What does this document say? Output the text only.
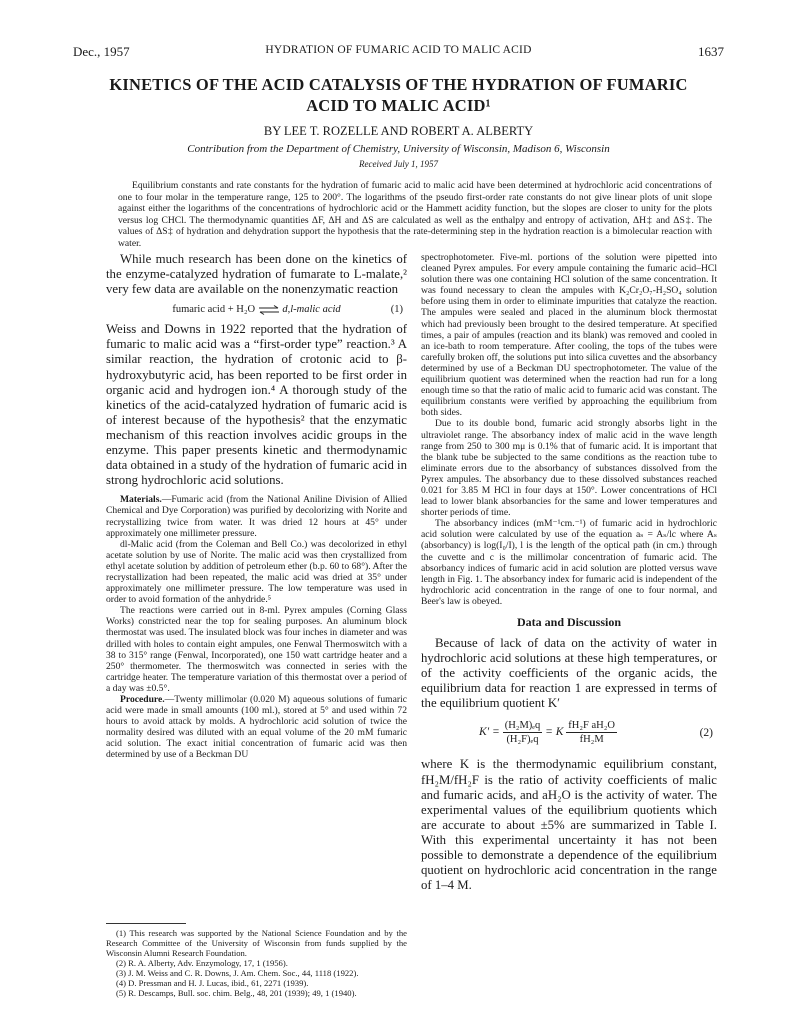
Dec., 1957	HYDRATION OF FUMARIC ACID TO MALIC ACID	1637
KINETICS OF THE ACID CATALYSIS OF THE HYDRATION OF FUMARIC
ACID TO MALIC ACID¹
BY LEE T. ROZELLE AND ROBERT A. ALBERTY
Contribution from the Department of Chemistry, University of Wisconsin, Madison 6, Wisconsin
Received July 1, 1957
Equilibrium constants and rate constants for the hydration of fumaric acid to malic acid have been determined at hydrochloric acid concentrations of one to four molar in the temperature range, 125 to 200°. The logarithms of the pseudo first-order rate constants do not give linear plots of unit slope against either the logarithms of the concentrations of hydrochloric acid or the Hammett acidity function, but the slopes are closer to unity for the plots versus log CHCl. The thermodynamic quantities ΔF, ΔH and ΔS are calculated as well as the enthalpy and entropy of activation, ΔH‡ and ΔS‡. The values of ΔS‡ of hydration and dehydration support the hypothesis that the rate-determining step in the hydration reaction is a bimolecular reaction with water.

While much research has been done on the kinetics of the enzyme-catalyzed hydration of fumarate to L-malate,² very few data are available on the nonenzymatic reaction

fumaric acid + H₂O ⇌ d,l-malic acid	(1)

Weiss and Downs in 1922 reported that the hydration of fumaric to malic acid was a “first-order type” reaction.³ A similar reaction, the hydration of crotonic acid to β-hydroxybutyric acid, has been reported to be first order in organic acid and hydrogen ion.⁴ A thorough study of the kinetics of the acid-catalyzed hydration of fumaric acid is of interest because of the hypothesis² that the enzymatic mechanism of this reaction involves acidic groups in the enzyme. This paper presents kinetic and thermodynamic data obtained in a study of the hydration of fumaric acid in strong hydrochloric acid solutions.

Materials.—Fumaric acid (from the National Aniline Division of Allied Chemical and Dye Corporation) was purified by decolorizing with Norite and recrystallizing twice from water. It was dried 12 hours at 45° under approximately one millimeter pressure.

dl-Malic acid (from the Coleman and Bell Co.) was decolorized in ethyl acetate solution by use of Norite. The malic acid was then crystallized from ethyl acetate solution by addition of petroleum ether (b.p. 60 to 68°). After the recrystallization had been repeated, the malic acid was dried at 35° under approximately one millimeter pressure. The low temperature was used in order to avoid formation of the anhydride.⁵

The reactions were carried out in 8-ml. Pyrex ampules (Corning Glass Works) constricted near the top for sealing purposes. An aluminum block thermostat was used. The insulated block was four inches in diameter and was drilled with holes to contain eight ampules, one Fenwal Thermoswitch with a 38 to 315° range (Fenwal, Incorporated), one 150 watt cartridge heater and a 250° thermometer. The thermoswitch was connected in series with the cartridge heater. The temperature variation of this thermostat over a period of a day was ±0.5°.

Procedure.—Twenty millimolar (0.020 M) aqueous solutions of fumaric acid were made in small amounts (100 ml.), stored at 5° and used within 72 hours to avoid attack by molds. A hydrochloric acid solution of twice the normality desired was diluted with an equal volume of the 20 mM fumaric acid solution. The exact initial concentration of fumaric acid was then determined by use of a Beckman DU

(1) This research was supported by the National Science Foundation and by the Research Committee of the University of Wisconsin from funds supplied by the Wisconsin Alumni Research Foundation.

(2) R. A. Alberty, Adv. Enzymology, 17, 1 (1956).

(3) J. M. Weiss and C. R. Downs, J. Am. Chem. Soc., 44, 1118 (1922).

(4) D. Pressman and H. J. Lucas, ibid., 61, 2271 (1939).

(5) R. Descamps, Bull. soc. chim. Belg., 48, 201 (1939); 49, 1 (1940).

spectrophotometer. Five-ml. portions of the solution were pipetted into cleaned Pyrex ampules. For every ampule containing the fumaric acid–HCl solution there was one containing HCl solution of the same concentration. It was found necessary to clean the ampules with K₂Cr₂O₇-H₂SO₄ solution before using them in order to eliminate impurities that catalyze the reaction. The ampules were sealed and placed in the aluminum block thermostat which had previously been brought to the desired temperature. At specified times, a pair of ampules (reaction and its blank) was removed and cooled in an ice-bath to room temperature. After cooling, the tops of the tubes were carefully broken off, the solutions put into silica cuvettes and the absorbancy determined by use of a Beckman DU spectrophotometer. The value of the equilibrium quotient was determined when the reaction had run for a long enough time so that the ratio of malic acid to fumaric acid was constant. The equilibrium constants were verified by approaching the equilibrium from both sides.

Due to its double bond, fumaric acid strongly absorbs light in the ultraviolet range. The absorbancy index of malic acid in the wave length range from 250 to 300 mμ is 0.1% that of fumaric acid. It is important that the blank tube be subjected to the same conditions as the reaction tube to eliminate errors due to the absorbancy of substances dissolved from the Pyrex ampules. The absorbancy due to these dissolved substances reached 0.021 for 3.85 M HCl in four days at 150°. Lower concentrations of HCl lead to lower blank absorbancies for the same and lower temperatures and shorter periods of time.

The absorbancy indices (mM⁻¹cm.⁻¹) of fumaric acid in hydrochloric acid solution were calculated by use of the equation aₛ = Aₛ/lc where Aₛ (absorbancy) is log(I₀/I), l is the length of the optical path (in cm.) through the cuvette and c is the millimolar concentration of fumaric acid. The absorbancy indices of fumaric acid in acid solution are plotted versus wave length in Fig. 1. The absorbancy index for fumaric acid is independent of the hydrochloric acid concentration in the range of one to four normal, and Beer's law is obeyed.

Data and Discussion

Because of lack of data on the activity of water in hydrochloric acid solutions at these high temperatures, or of the activity coefficients of the organic acids, the equilibrium data for reaction 1 are expressed in terms of the equilibrium quotient K′

$K' = \frac{\text{(H₂M)ₑq}}{\text{(H₂F)ₑq}} = K \frac{\text{fH₂F aH₂O}}{\text{fH₂M}}$	(2)

where K is the thermodynamic equilibrium constant, fH₂M/fH₂F is the ratio of activity coefficients of malic and fumaric acids, and aH₂O is the activity of water. The experimental values of the equilibrium quotients which are accurate to about ±5% are summarized in Table I. With this experimental uncertainty it has not been possible to demonstrate a dependence of the equilibrium quotient on hydrochloric acid concentration in the range of 1–4 M.
